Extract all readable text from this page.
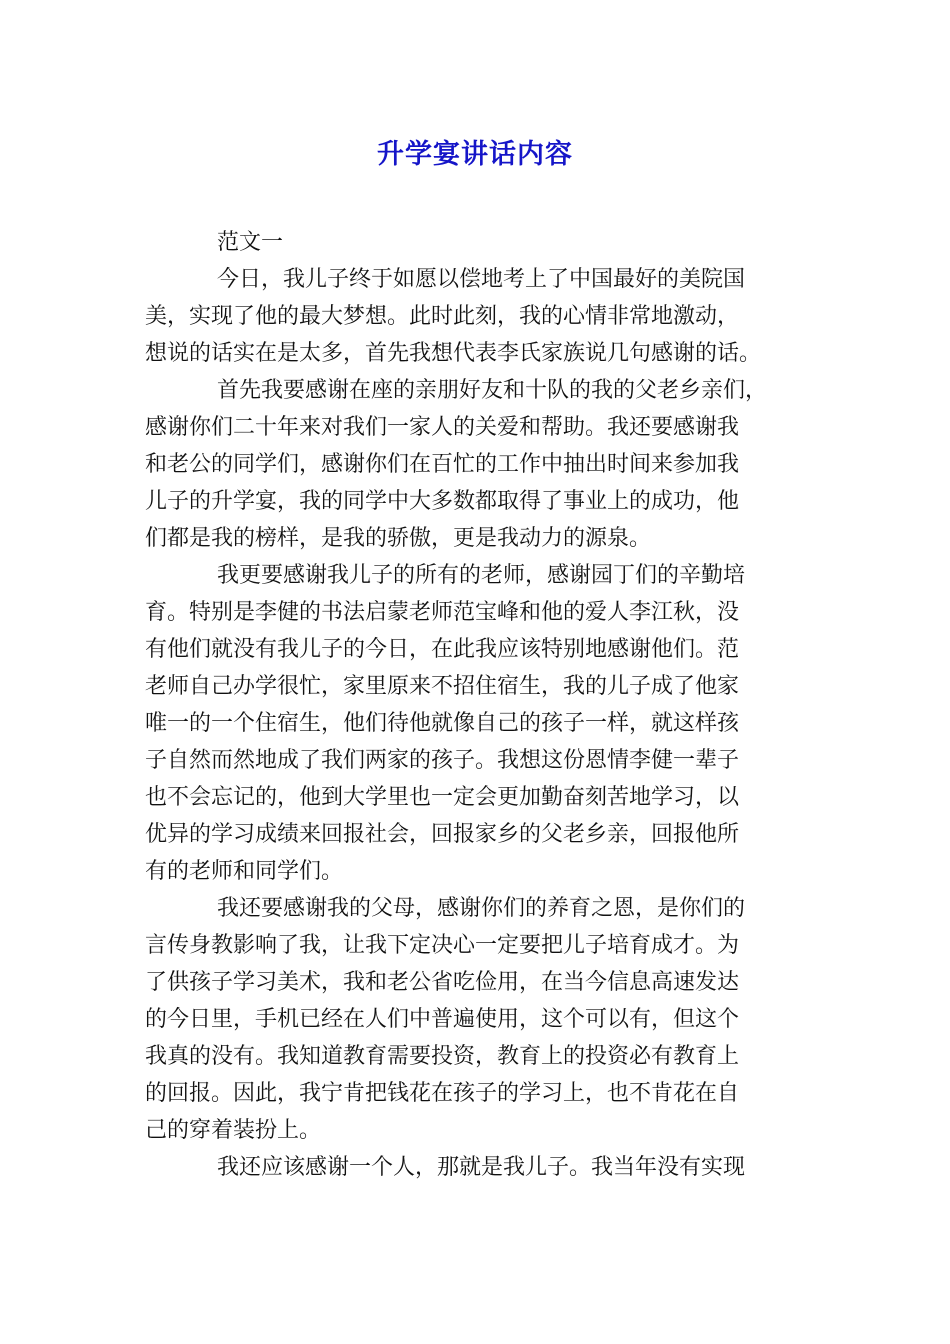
升学宴讲话内容
范文一
今日，我儿子终于如愿以偿地考上了中国最好的美院国
美，实现了他的最大梦想。此时此刻，我的心情非常地激动，
想说的话实在是太多，首先我想代表李氏家族说几句感谢的话。
首先我要感谢在座的亲朋好友和十队的我的父老乡亲们，
感谢你们二十年来对我们一家人的关爱和帮助。我还要感谢我
和老公的同学们，感谢你们在百忙的工作中抽出时间来参加我
儿子的升学宴，我的同学中大多数都取得了事业上的成功，他
们都是我的榜样，是我的骄傲，更是我动力的源泉。
我更要感谢我儿子的所有的老师，感谢园丁们的辛勤培
育。特别是李健的书法启蒙老师范宝峰和他的爱人李江秋，没
有他们就没有我儿子的今日，在此我应该特别地感谢他们。范
老师自己办学很忙，家里原来不招住宿生，我的儿子成了他家
唯一的一个住宿生，他们待他就像自己的孩子一样，就这样孩
子自然而然地成了我们两家的孩子。我想这份恩情李健一辈子
也不会忘记的，他到大学里也一定会更加勤奋刻苦地学习，以
优异的学习成绩来回报社会，回报家乡的父老乡亲，回报他所
有的老师和同学们。
我还要感谢我的父母，感谢你们的养育之恩，是你们的
言传身教影响了我，让我下定决心一定要把儿子培育成才。为
了供孩子学习美术，我和老公省吃俭用，在当今信息高速发达
的今日里，手机已经在人们中普遍使用，这个可以有，但这个
我真的没有。我知道教育需要投资，教育上的投资必有教育上
的回报。因此，我宁肯把钱花在孩子的学习上，也不肯花在自
己的穿着装扮上。
我还应该感谢一个人，那就是我儿子。我当年没有实现
